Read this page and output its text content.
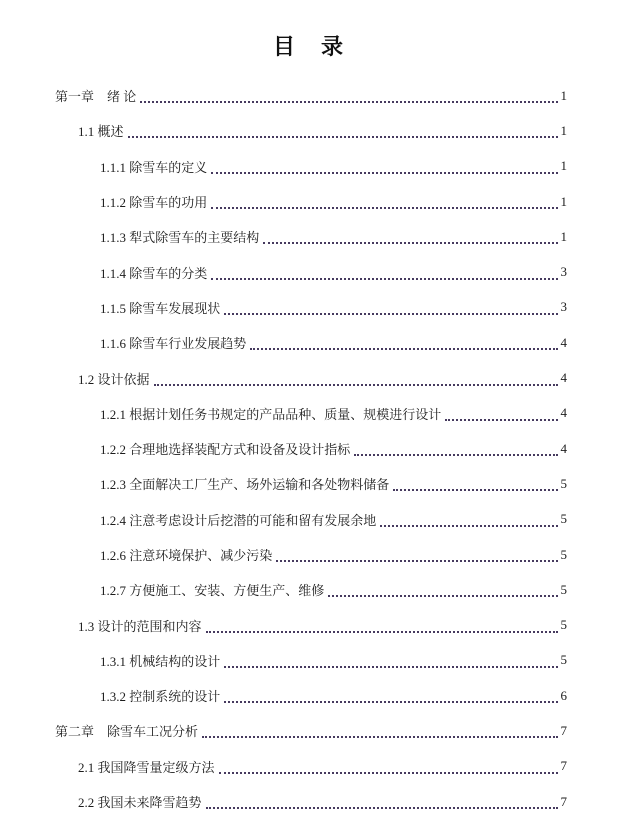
目　录
第一章　绪 论	1
1.1 概述	1
1.1.1 除雪车的定义	1
1.1.2 除雪车的功用	1
1.1.3 犁式除雪车的主要结构	1
1.1.4 除雪车的分类	3
1.1.5 除雪车发展现状	3
1.1.6 除雪车行业发展趋势	4
1.2 设计依据	4
1.2.1 根据计划任务书规定的产品品种、质量、规模进行设计	4
1.2.2 合理地选择装配方式和设备及设计指标	4
1.2.3 全面解决工厂生产、场外运输和各处物料储备	5
1.2.4 注意考虑设计后挖潜的可能和留有发展余地	5
1.2.6 注意环境保护、减少污染	5
1.2.7 方便施工、安装、方便生产、维修	5
1.3 设计的范围和内容	5
1.3.1 机械结构的设计	5
1.3.2 控制系统的设计	6
第二章　除雪车工况分析	7
2.1 我国降雪量定级方法	7
2.2 我国未来降雪趋势	7
